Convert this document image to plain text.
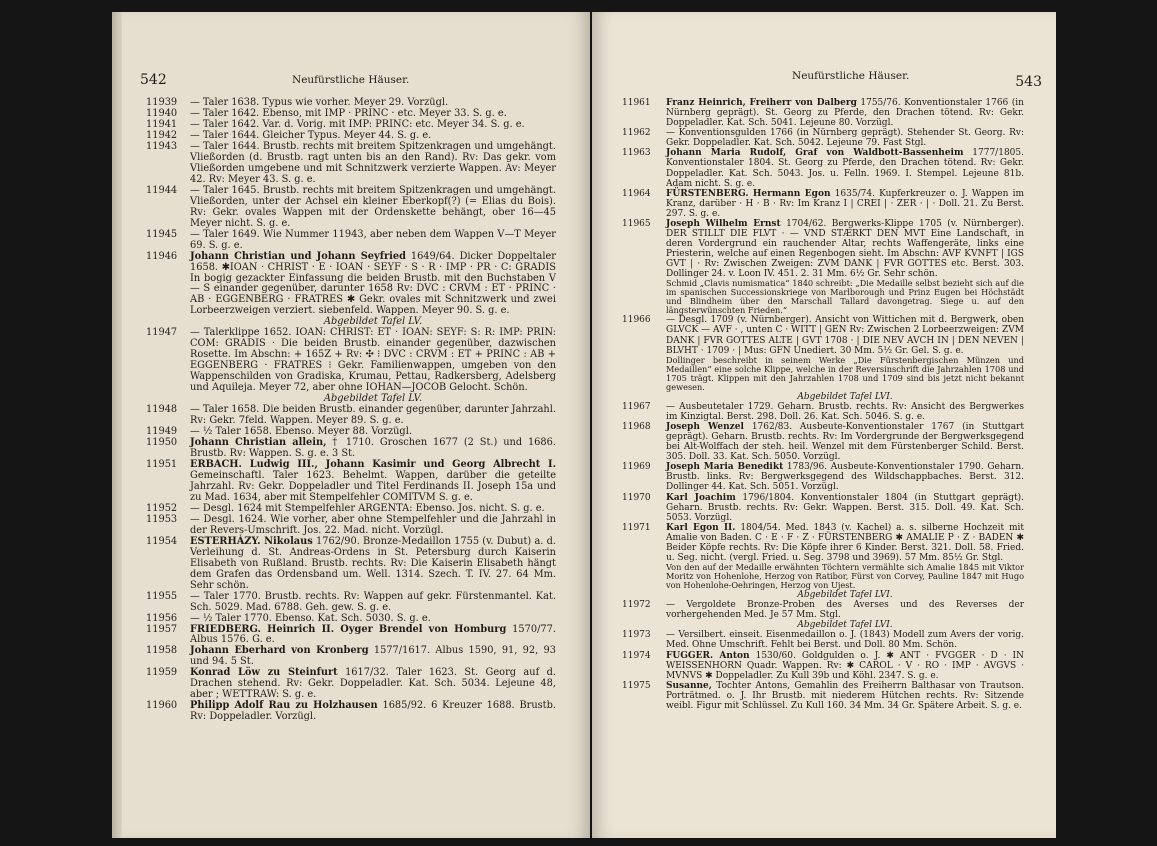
542	Neufürstliche Häuser.
11939 — Taler 1638. Typus wie vorher. Meyer 29. Vorzügl.
11940 — Taler 1642. Ebenso, mit IMP · PRINC · etc. Meyer 33. S. g. e.
11941 — Taler 1642. Var. d. Vorig. mit IMP: PRINC: etc. Meyer 34. S. g. e.
11942 — Taler 1644. Gleicher Typus. Meyer 44. S. g. e.
11943 — Taler 1644. Brustb. rechts mit breitem Spitzenkragen und umgehängt. Vließorden (d. Brustb. ragt unten bis an den Rand). Rv: Das gekr. vom Vließorden umgebene und mit Schnitzwerk verzierte Wappen. Av: Meyer 42. Rv: Meyer 43. S. g. e.
11944 — Taler 1645. Brustb. rechts mit breitem Spitzenkragen und umgehängt. Vließorden, unter der Achsel ein kleiner Eberkopf(?) (= Elias du Bois). Rv: Gekr. ovales Wappen mit der Ordenskette behängt, ober 16—45 Meyer nicht. S. g. e.
11945 — Taler 1649. Wie Nummer 11943, aber neben dem Wappen V—T Meyer 69. S. g. e.
11946 Johann Christian und Johann Seyfried 1649/64. Dicker Doppeltaler 1658. ✱IOAN · CHRIST · E · IOAN · SEYF · S · R · IMP · PR · C: GRADIS In bogig gezackter Einfassung die beiden Brustb. mit den Buchstaben V — S einander gegenüber, darunter 1658 Rv: DVC : CRVM : ET · PRINC · AB · EGGENBERG · FRATRES ✱ Gekr. ovales mit Schnitzwerk und zwei Lorbeerzweigen verziert. siebenfeld. Wappen. Meyer 90. S. g. e.
Abgebildet Tafel LV.
11947 — Talerklippe 1652. IOAN: CHRIST: ET · IOAN: SEYF: S: R: IMP: PRIN: COM: GRADIS · Die beiden Brustb. einander gegenüber, dazwischen Rosette. Im Abschn: + 165Z + Rv: ✣ ⁝ DVC : CRVM : ET + PRINC : AB + EGGENBERG · FRATRES ⁝ Gekr. Familienwappen, umgeben von den Wappenschilden von Gradiska, Krumau, Pettau, Radkersberg, Adelsberg und Aquileja. Meyer 72, aber ohne IOHAN—JOCOB Gelocht. Schön.
Abgebildet Tafel LV.
11948 — Taler 1658. Die beiden Brustb. einander gegenüber, darunter Jahrzahl. Rv: Gekr. 7feld. Wappen. Meyer 89. S. g. e.
11949 — ½ Taler 1658. Ebenso. Meyer 88. Vorzügl.
11950 Johann Christian allein, † 1710. Groschen 1677 (2 St.) und 1686. Brustb. Rv: Wappen. S. g. e. 3 St.
11951 ERBACH. Ludwig III., Johann Kasimir und Georg Albrecht I. Gemeinschaftl. Taler 1623. Behelmt. Wappen, darüber die geteilte Jahrzahl. Rv: Gekr. Doppeladler und Titel Ferdinands II. Joseph 15a und zu Mad. 1634, aber mit Stempelfehler COMITVM S. g. e.
11952 — Desgl. 1624 mit Stempelfehler ARGENTA: Ebenso. Jos. nicht. S. g. e.
11953 — Desgl. 1624. Wie vorher, aber ohne Stempelfehler und die Jahrzahl in der Revers-Umschrift. Jos. 22. Mad. nicht. Vorzügl.
11954 ESTERHÁZY. Nikolaus 1762/90. Bronze-Medaillon 1755 (v. Dubut) a. d. Verleihung d. St. Andreas-Ordens in St. Petersburg durch Kaiserin Elisabeth von Rußland. Brustb. rechts. Rv: Die Kaiserin Elisabeth hängt dem Grafen das Ordensband um. Well. 1314. Szech. T. IV. 27. 64 Mm. Sehr schön.
11955 — Taler 1770. Brustb. rechts. Rv: Wappen auf gekr. Fürstenmantel. Kat. Sch. 5029. Mad. 6788. Geh. gew. S. g. e.
11956 — ½ Taler 1770. Ebenso. Kat. Sch. 5030. S. g. e.
11957 FRIEDBERG. Heinrich II. Oyger Brendel von Homburg 1570/77. Albus 1576. G. e.
11958 Johann Eberhard von Kronberg 1577/1617. Albus 1590, 91, 92, 93 und 94. 5 St.
11959 Konrad Löw zu Steinfurt 1617/32. Taler 1623. St. Georg auf d. Drachen stehend. Rv: Gekr. Doppeladler. Kat. Sch. 5034. Lejeune 48, aber ; WETTRAW: S. g. e.
11960 Philipp Adolf Rau zu Holzhausen 1685/92. 6 Kreuzer 1688. Brustb. Rv: Doppeladler. Vorzügl.
Neufürstliche Häuser.	543
11961 Franz Heinrich, Freiherr von Dalberg 1755/76. Konventionstaler 1766 (in Nürnberg geprägt). St. Georg zu Pferde, den Drachen tötend. Rv: Gekr. Doppeladler. Kat. Sch. 5041. Lejeune 80. Vorzügl.
11962 — Konventionsgulden 1766 (in Nürnberg geprägt). Stehender St. Georg. Rv: Gekr. Doppeladler. Kat. Sch. 5042. Lejeune 79. Fast Stgl.
11963 Johann Maria Rudolf, Graf von Waldbott-Bassenheim 1777/1805. Konventionstaler 1804. St. Georg zu Pferde, den Drachen tötend. Rv: Gekr. Doppeladler. Kat. Sch. 5043. Jos. u. Felln. 1969. I. Stempel. Lejeune 81b. Adam nicht. S. g. e.
11964 FÜRSTENBERG. Hermann Egon 1635/74. Kupferkreuzer o. J. Wappen im Kranz, darüber · H · B · Rv: Im Kranz I | CREI | · ZER · | · Doll. 21. Zu Berst. 297. S. g. e.
11965 Joseph Wilhelm Ernst 1704/62. Bergwerks-Klippe 1705 (v. Nürnberger). DER STILLT DIE FLVT · — VND STÆRKT DEN MVT Eine Landschaft, in deren Vordergrund ein rauchender Altar, rechts Waffengeräte, links eine Priesterin, welche auf einen Regenbogen sieht. Im Abschn: AVF KVNFT | IGS GVT | · Rv: Zwischen Zweigen: ZVM DANK | FVR GOTTES etc. Berst. 303. Dollinger 24. v. Loon IV. 451. 2. 31 Mm. 6½ Gr. Sehr schön.
Schmid „Clavis numismatica“ 1840 schreibt: „Die Medaille selbst bezieht sich auf die im spanischen Successionskriege von Marlborough und Prinz Eugen bei Höchstädt und Blindheim über den Marschall Tallard davongetrag. Siege u. auf den längsterwünschten Frieden.“
11966 — Desgl. 1709 (v. Nürnberger). Ansicht von Wittichen mit d. Bergwerk, oben GLVCK — AVF · , unten C · WITT | GEN Rv: Zwischen 2 Lorbeerzweigen: ZVM DANK | FVR GOTTES ALTE | GVT 1708 · | DIE NEV AVCH IN | DEN NEVEN | BLVHT · 1709 · | Mus: GFN Unediert. 30 Mm. 5½ Gr. Gel. S. g. e.
Dollinger beschreibt in seinem Werke „Die Fürstenbergischen Münzen und Medaillen“ eine solche Klippe, welche in der Reversinschrift die Jahrzahlen 1708 und 1705 trägt. Klippen mit den Jahrzahlen 1708 und 1709 sind bis jetzt nicht bekannt gewesen.
Abgebildet Tafel LVI.
11967 — Ausbeutetaler 1729. Geharn. Brustb. rechts. Rv: Ansicht des Bergwerkes im Kinzigtal. Berst. 298. Doll. 26. Kat. Sch. 5046. S. g. e.
11968 Joseph Wenzel 1762/83. Ausbeute-Konventionstaler 1767 (in Stuttgart geprägt). Geharn. Brustb. rechts. Rv: Im Vordergrunde der Bergwerksgegend bei Alt-Wolffach der steh. heil. Wenzel mit dem Fürstenberger Schild. Berst. 305. Doll. 33. Kat. Sch. 5050. Vorzügl.
11969 Joseph Maria Benedikt 1783/96. Ausbeute-Konventionstaler 1790. Geharn. Brustb. links. Rv: Bergwerksgegend des Wildschappbaches. Berst. 312. Dollinger 44. Kat. Sch. 5051. Vorzügl.
11970 Karl Joachim 1796/1804. Konventionstaler 1804 (in Stuttgart geprägt). Geharn. Brustb. rechts. Rv: Gekr. Wappen. Berst. 315. Doll. 49. Kat. Sch. 5053. Vorzügl.
11971 Karl Egon II. 1804/54. Med. 1843 (v. Kachel) a. s. silberne Hochzeit mit Amalie von Baden. C · E · F · Z · FÜRSTENBERG ✱ AMALIE P · Z · BADEN ✱ Beider Köpfe rechts. Rv: Die Köpfe ihrer 6 Kinder. Berst. 321. Doll. 58. Fried. u. Seg. nicht. (vergl. Fried. u. Seg. 3798 und 3969). 57 Mm. 85½ Gr. Stgl.
Von den auf der Medaille erwähnten Töchtern vermählte sich Amalie 1845 mit Viktor Moritz von Hohenlohe, Herzog von Ratibor, Fürst von Corvey, Pauline 1847 mit Hugo von Hohenlohe-Oehringen, Herzog von Ujest.
Abgebildet Tafel LVI.
11972 — Vergoldete Bronze-Proben des Averses und des Reverses der vorhergehenden Med. Je 57 Mm. Stgl.
Abgebildet Tafel LVI.
11973 — Versilbert. einseit. Eisenmedaillon o. J. (1843) Modell zum Avers der vorig. Med. Ohne Umschrift. Fehlt bei Berst. und Doll. 80 Mm. Schön.
11974 FUGGER. Anton 1530/60. Goldgulden o. J. ✱ ANT · FVGGER · D · IN WEISSENHORN Quadr. Wappen. Rv: ✱ CAROL · V · RO · IMP · AVGVS · MVNVS ✱ Doppeladler. Zu Kull 39b und Köhl. 2347. S. g. e.
11975 Susanne, Tochter Antons, Gemahlin des Freiherrn Balthasar von Trautson. Porträtmed. o. J. Ihr Brustb. mit niederem Hütchen rechts. Rv: Sitzende weibl. Figur mit Schlüssel. Zu Kull 160. 34 Mm. 34 Gr. Spätere Arbeit. S. g. e.
